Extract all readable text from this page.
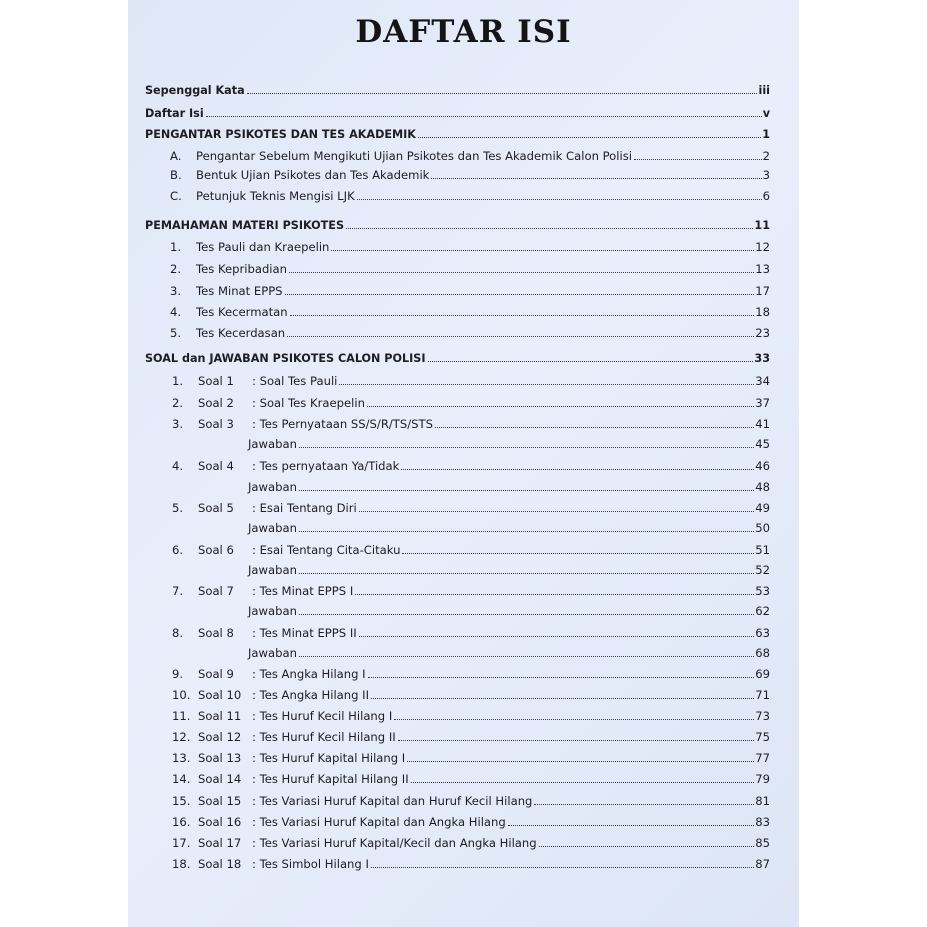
DAFTAR ISI
Sepenggal Kata	iii
Daftar Isi	v
PENGANTAR PSIKOTES DAN TES AKADEMIK	1
A.	Pengantar Sebelum Mengikuti Ujian Psikotes dan Tes Akademik Calon Polisi	2
B.	Bentuk Ujian Psikotes dan Tes Akademik	3
C.	Petunjuk Teknis Mengisi LJK	6
PEMAHAMAN MATERI PSIKOTES	11
1.	Tes Pauli dan Kraepelin	12
2.	Tes Kepribadian	13
3.	Tes Minat EPPS	17
4.	Tes Kecermatan	18
5.	Tes Kecerdasan	23
SOAL dan JAWABAN PSIKOTES CALON POLISI	33
1.	Soal 1	: Soal Tes Pauli	34
2.	Soal 2	: Soal Tes Kraepelin	37
3.	Soal 3	: Tes Pernyataan SS/S/R/TS/STS	41
Jawaban	45
4.	Soal 4	: Tes pernyataan Ya/Tidak	46
Jawaban	48
5.	Soal 5	: Esai Tentang Diri	49
Jawaban	50
6.	Soal 6	: Esai Tentang Cita-Citaku	51
Jawaban	52
7.	Soal 7	: Tes Minat EPPS I	53
Jawaban	62
8.	Soal 8	: Tes Minat EPPS II	63
Jawaban	68
9.	Soal 9	: Tes Angka Hilang I	69
10. Soal 10 : Tes Angka Hilang II	71
11. Soal 11 : Tes Huruf Kecil Hilang I	73
12. Soal 12 : Tes Huruf Kecil Hilang II	75
13. Soal 13 : Tes Huruf Kapital Hilang I	77
14. Soal 14 : Tes Huruf Kapital Hilang II	79
15. Soal 15 : Tes Variasi Huruf Kapital dan Huruf Kecil Hilang	81
16. Soal 16 : Tes Variasi Huruf Kapital dan Angka Hilang	83
17. Soal 17 : Tes Variasi Huruf Kapital/Kecil dan Angka Hilang	85
18. Soal 18 : Tes Simbol Hilang I	87
